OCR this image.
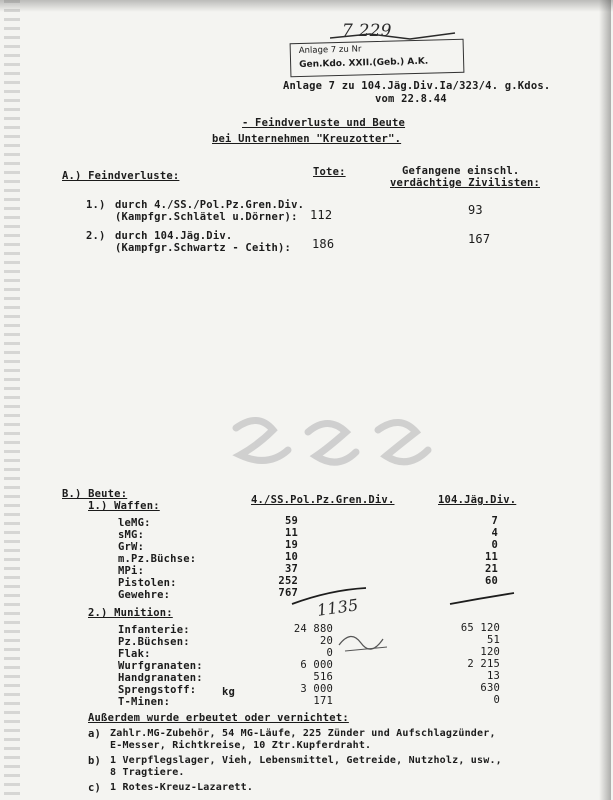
7 229
Anlage 7 zu Nr
Gen.Kdo. XXII.(Geb.) A.K.
Anlage 7 zu 104.Jäg.Div.Ia/323/4. g.Kdos.
vom 22.8.44
- Feindverluste und Beute
bei Unternehmen "Kreuzotter".
A.) Feindverluste:	Tote:	Gefangene einschl.
verdächtige Zivilisten:
1.) durch 4./SS./Pol.Pz.Gren.Div.
(Kampfgr.Schlätel u.Dörner): 112	93
2.) durch 104.Jäg.Div.
(Kampfgr.Schwartz - Ceith): 186	167
B.) Beute:	4./SS.Pol.Pz.Gren.Div.	104.Jäg.Div.
1.) Waffen:
leMG:	59	7
sMG:	11	4
GrW:	19	0
m.Pz.Büchse:	10	11
MPi:	37	21
Pistolen:	252	60
Gewehre:	767
1135
2.) Munition:
Infanterie:	24 880	65 120
Pz.Büchsen:	20	51
Flak:	0	120
Wurfgranaten:	6 000	2 215
Handgranaten:	516	13
Sprengstoff: kg	3 000	630
T-Minen:	171	0
Außerdem wurde erbeutet oder vernichtet:
a) Zahlr.MG-Zubehör, 54 MG-Läufe, 225 Zünder und Aufschlagzünder,
E-Messer, Richtkreise, 10 Ztr.Kupferdraht.
b) 1 Verpflegslager, Vieh, Lebensmittel, Getreide, Nutzholz, usw.,
8 Tragtiere.
c) 1 Rotes-Kreuz-Lazarett.
